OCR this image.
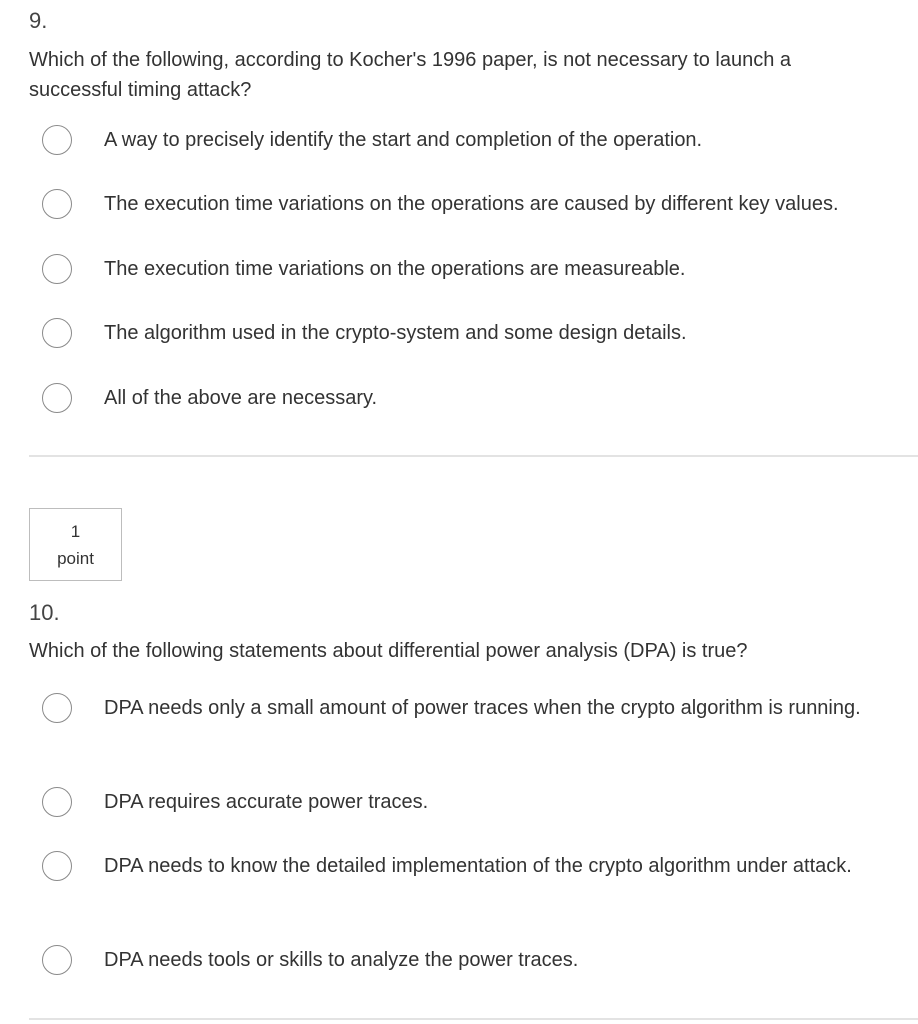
9.

Which of the following, according to Kocher's 1996 paper, is not necessary to launch a successful timing attack?

A way to precisely identify the start and completion of the operation.
The execution time variations on the operations are caused by different key values.
The execution time variations on the operations are measureable.
The algorithm used in the crypto-system and some design details.
All of the above are necessary.
1
point

10.

Which of the following statements about differential power analysis (DPA) is true?

DPA needs only a small amount of power traces when the crypto algorithm is running.
DPA requires accurate power traces.
DPA needs to know the detailed implementation of the crypto algorithm under attack.
DPA needs tools or skills to analyze the power traces.
